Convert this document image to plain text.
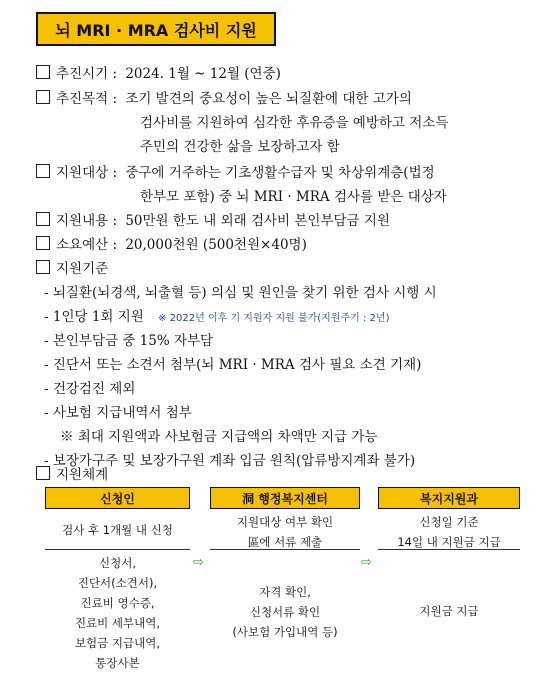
뇌 MRI · MRA 검사비 지원
추진시기 : 2024. 1월 ~ 12월 (연중)
추진목적 : 조기 발견의 중요성이 높은 뇌질환에 대한 고가의
검사비를 지원하여 심각한 후유증을 예방하고 저소득
주민의 건강한 삶을 보장하고자 함
지원대상 : 중구에 거주하는 기초생활수급자 및 차상위계층(법정
한부모 포함) 중 뇌 MRI · MRA 검사를 받은 대상자
지원내용 : 50만원 한도 내 외래 검사비 본인부담금 지원
소요예산 : 20,000천원 (500천원×40명)
지원기준
- 뇌질환(뇌경색, 뇌출혈 등) 의심 및 원인을 찾기 위한 검사 시행 시
- 1인당 1회 지원 ※ 2022년 이후 기 지원자 지원 불가(지원주기 : 2년)
- 본인부담금 중 15% 자부담
- 진단서 또는 소견서 첨부(뇌 MRI · MRA 검사 필요 소견 기재)
- 건강검진 제외
- 사보험 지급내역서 첨부
※ 최대 지원액과 사보험금 지급액의 차액만 지급 가능
- 보장가구주 및 보장가구원 계좌 입금 원칙(압류방지계좌 불가)
지원체계
신청인
검사 후 1개월 내 신청
신청서,
진단서(소견서),
진료비 영수증,
진료비 세부내역,
보험금 지급내역,
통장사본
⇨
洞 행정복지센터
지원대상 여부 확인
區에 서류 제출
자격 확인,
신청서류 확인
(사보험 가입내역 등)
⇨
복지지원과
신청일 기준
14일 내 지원금 지급
지원금 지급
